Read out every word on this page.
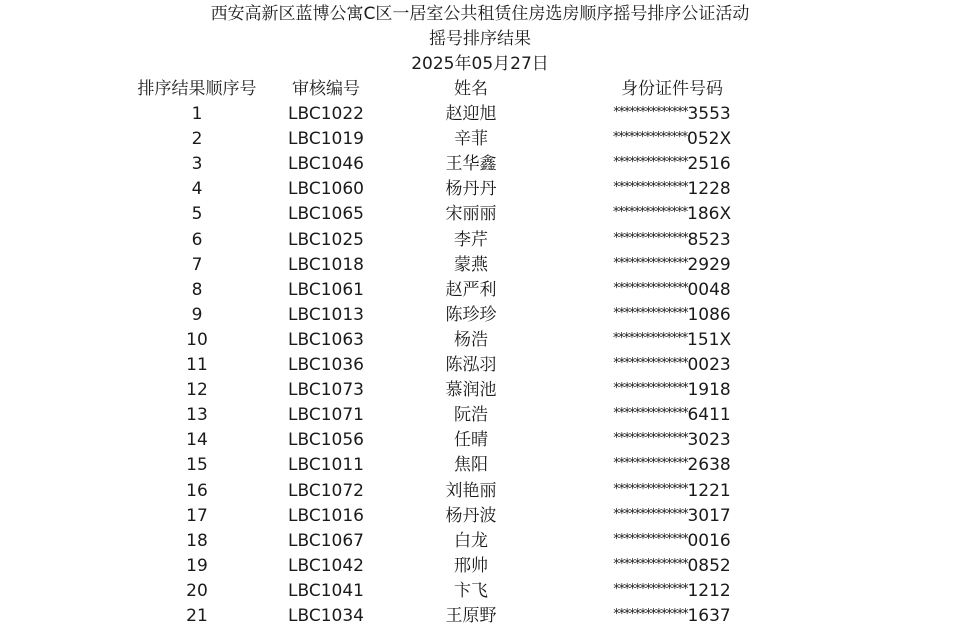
西安高新区蓝博公寓C区一居室公共租赁住房选房顺序摇号排序公证活动
摇号排序结果
2025年05月27日
排序结果顺序号	审核编号	姓名	身份证件号码
1	LBC1022	赵迎旭	**************3553
2	LBC1019	辛菲	**************052X
3	LBC1046	王华鑫	**************2516
4	LBC1060	杨丹丹	**************1228
5	LBC1065	宋丽丽	**************186X
6	LBC1025	李芹	**************8523
7	LBC1018	蒙燕	**************2929
8	LBC1061	赵严利	**************0048
9	LBC1013	陈珍珍	**************1086
10	LBC1063	杨浩	**************151X
11	LBC1036	陈泓羽	**************0023
12	LBC1073	慕润池	**************1918
13	LBC1071	阮浩	**************6411
14	LBC1056	任晴	**************3023
15	LBC1011	焦阳	**************2638
16	LBC1072	刘艳丽	**************1221
17	LBC1016	杨丹波	**************3017
18	LBC1067	白龙	**************0016
19	LBC1042	邢帅	**************0852
20	LBC1041	卞飞	**************1212
21	LBC1034	王原野	**************1637
